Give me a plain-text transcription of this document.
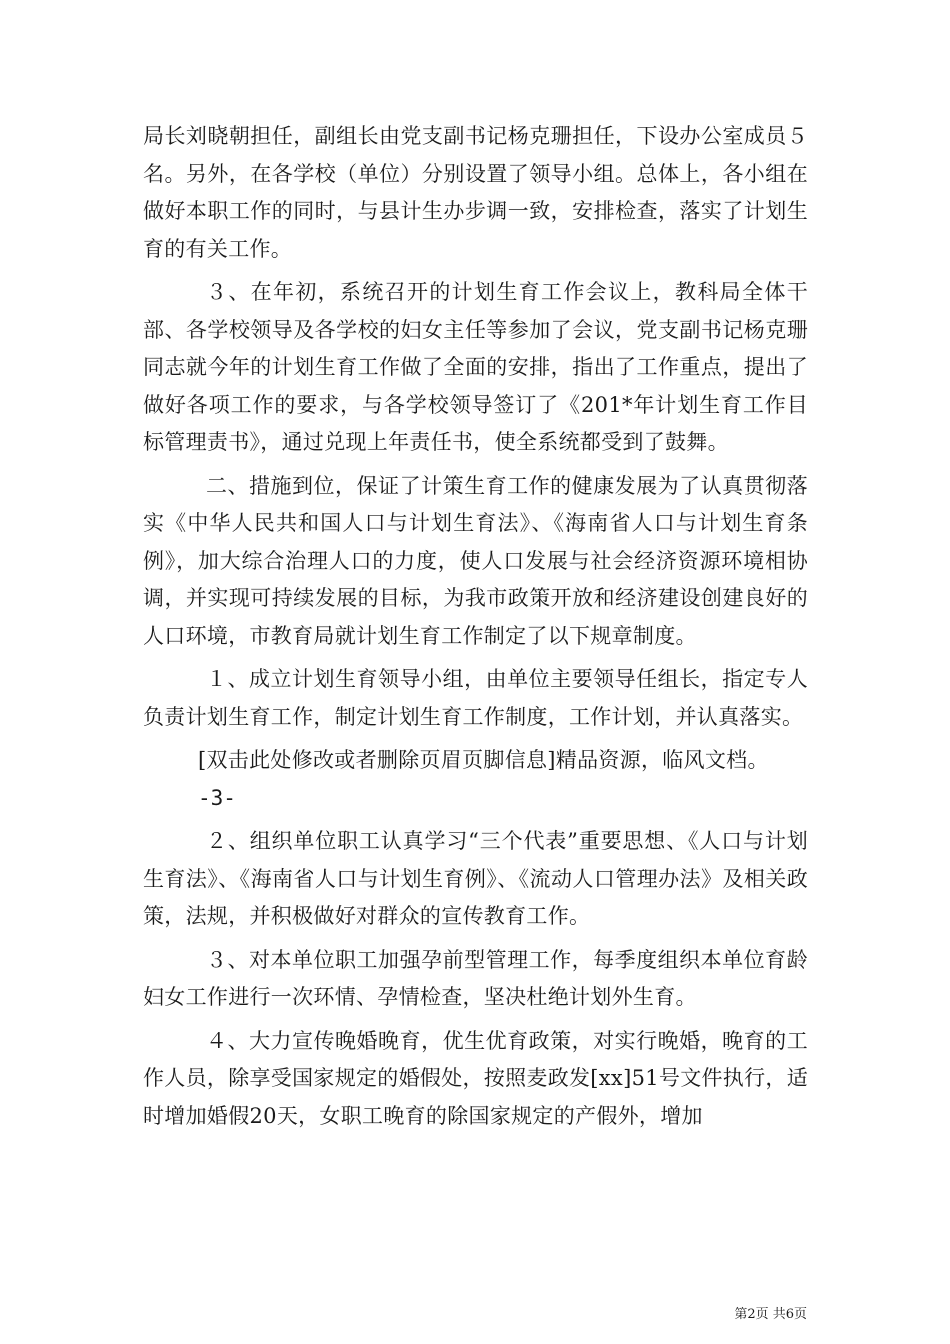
局长刘晓朝担任，副组长由党支副书记杨克珊担任，下设办公室成员５名。另外，在各学校（单位）分别设置了领导小组。总体上，各小组在做好本职工作的同时，与县计生办步调一致，安排检查，落实了计划生育的有关工作。

３、在年初，系统召开的计划生育工作会议上，教科局全体干部、各学校领导及各学校的妇女主任等参加了会议，党支副书记杨克珊同志就今年的计划生育工作做了全面的安排，指出了工作重点，提出了做好各项工作的要求，与各学校领导签订了《201*年计划生育工作目标管理责书》，通过兑现上年责任书，使全系统都受到了鼓舞。

二、措施到位，保证了计策生育工作的健康发展为了认真贯彻落实《中华人民共和国人口与计划生育法》、《海南省人口与计划生育条例》，加大综合治理人口的力度，使人口发展与社会经济资源环境相协调，并实现可持续发展的目标，为我市政策开放和经济建设创建良好的人口环境，市教育局就计划生育工作制定了以下规章制度。

１、成立计划生育领导小组，由单位主要领导任组长，指定专人负责计划生育工作，制定计划生育工作制度，工作计划，并认真落实。

[双击此处修改或者删除页眉页脚信息]精品资源，临风文档。

-3-

２、组织单位职工认真学习“三个代表”重要思想、《人口与计划生育法》、《海南省人口与计划生育例》、《流动人口管理办法》及相关政策，法规，并积极做好对群众的宣传教育工作。

３、对本单位职工加强孕前型管理工作，每季度组织本单位育龄妇女工作进行一次环情、孕情检查，坚决杜绝计划外生育。

４、大力宣传晚婚晚育，优生优育政策，对实行晚婚，晚育的工作人员，除享受国家规定的婚假处，按照麦政发[xx]51号文件执行，适时增加婚假20天，女职工晚育的除国家规定的产假外，增加

第2页 共6页
